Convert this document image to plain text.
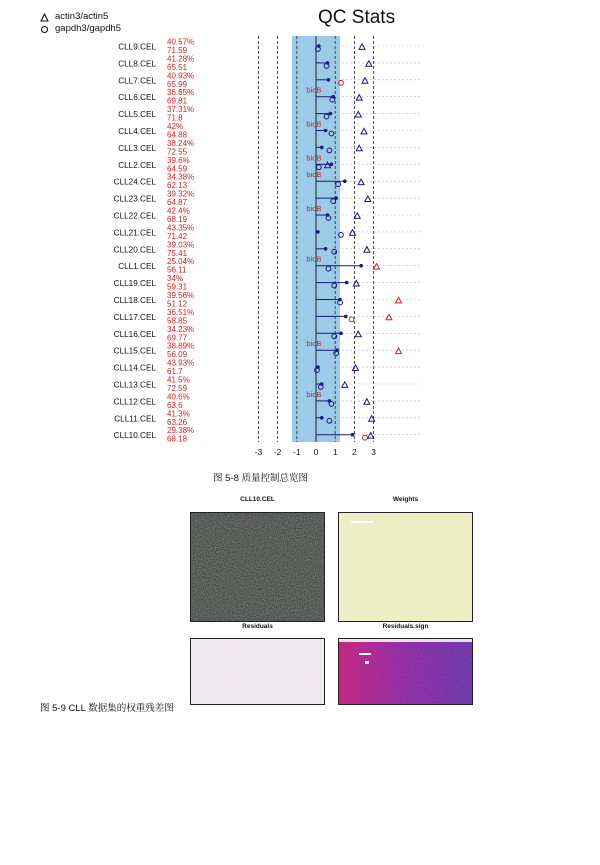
actin3/actin5
gapdh3/gapdh5
QC Stats
CLL9.CEL
40.57%
71.59
CLL8.CEL
41.28%
65.51
CLL7.CEL
40.93%
65.99
CLL6.CEL
36.65%
69.81
bioB
CLL5.CEL
37.31%
71.8
CLL4.CEL
42%
64.88
bioB
CLL3.CEL
38.24%
72.55
CLL2.CEL
39.6%
64.59
bioB
CLL24.CEL
34.38%
62.13
bioB
CLL23.CEL
39.32%
64.87
CLL22.CEL
42.4%
68.19
bioB
CLL21.CEL
43.35%
71.42
CLL20.CEL
39.03%
75.41
CLL1.CEL
25.04%
56.11
bioB
CLL19.CEL
34%
59.31
CLL18.CEL
39.56%
51.12
CLL17.CEL
36.51%
58.85
CLL16.CEL
34.23%
69.77
CLL15.CEL
38.89%
56.09
bioB
CLL14.CEL
43.93%
61.7
CLL13.CEL
41.5%
72.59
CLL12.CEL
40.6%
63.6
bioB
CLL11.CEL
41.3%
63.26
CLL10.CEL
29.38%
68.18
-3 -2 -1 0 1 2 3
图 5-8 质量控制总览图
CLL10.CEL	Weights
Residuals	Residuals.sign
图 5-9 CLL 数据集的权重残差图
